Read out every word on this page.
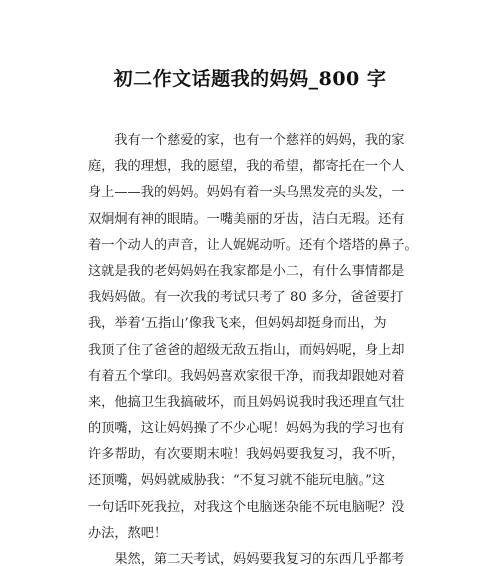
初二作文话题我的妈妈_800 字
　　我有一个慈爱的家，也有一个慈祥的妈妈，我的家
庭，我的理想，我的愿望，我的希望，都寄托在一个人
身上——我的妈妈。妈妈有着一头乌黑发亮的头发，一
双炯炯有神的眼睛。一嘴美丽的牙齿，洁白无瑕。还有
着一个动人的声音，让人娓娓动听。还有个塔塔的鼻子。
这就是我的老妈妈妈在我家都是小二，有什么事情都是
我妈妈做。有一次我的考试只考了 80 多分，爸爸要打
我，举着‘五指山’像我飞来，但妈妈却挺身而出，为
我顶了住了爸爸的超级无敌五指山，而妈妈呢，身上却
有着五个掌印。我妈妈喜欢家很干净，而我却跟她对着
来，他搞卫生我搞破坏，而且妈妈说我时我还理直气壮
的顶嘴，这让妈妈操了不少心呢！妈妈为我的学习也有
许多帮助，有次要期末啦！我妈妈要我复习，我不听，
还顶嘴，妈妈就威胁我：“不复习就不能玩电脑。”这
一句话吓死我拉，对我这个电脑迷杂能不玩电脑呢？没
办法，熬吧！
　　果然，第二天考试，妈妈要我复习的东西几乎都考
